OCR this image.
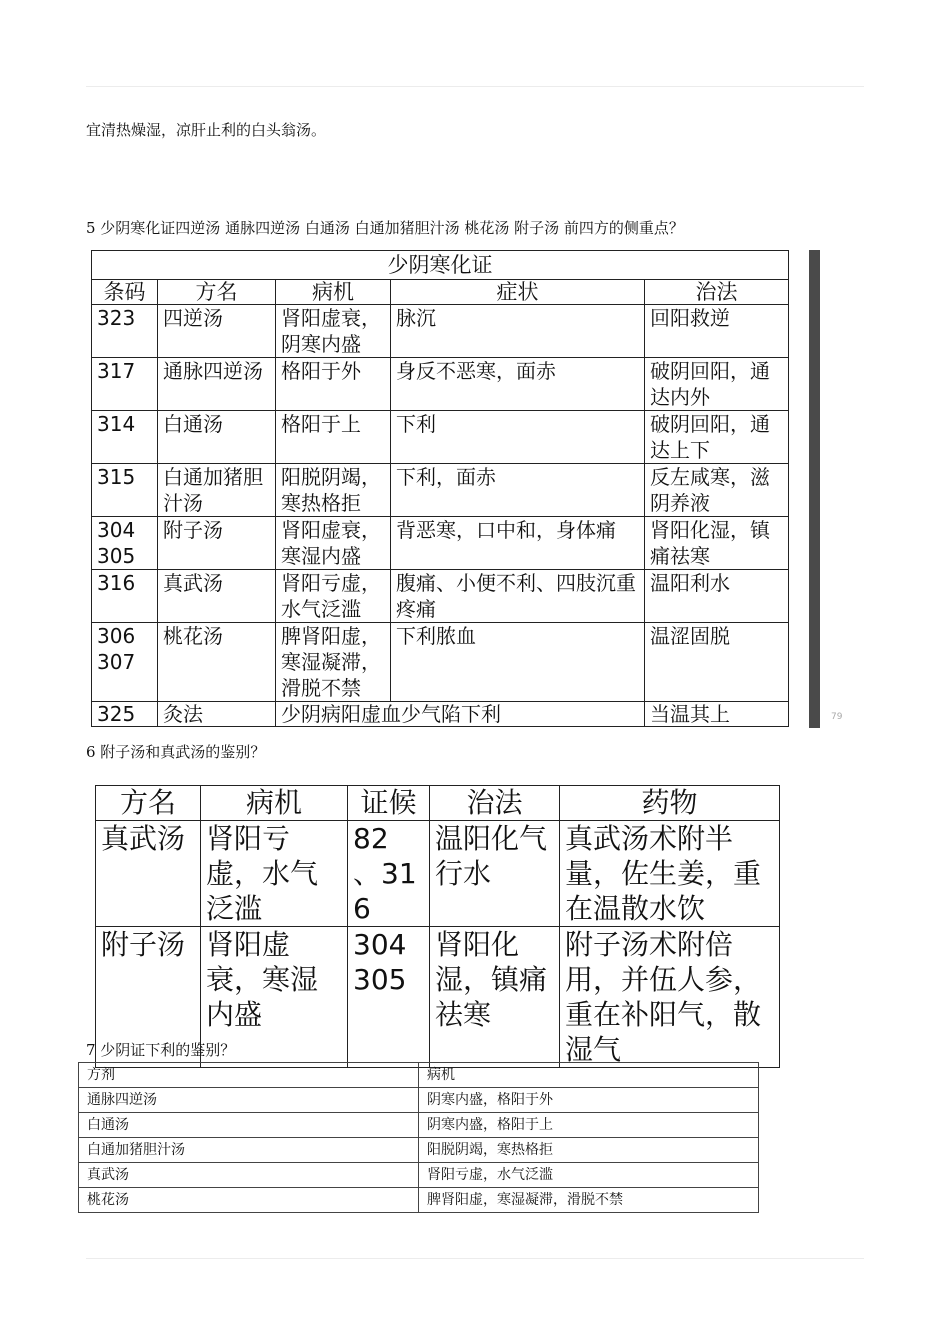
宜清热燥湿，凉肝止利的白头翁汤。
5 少阴寒化证四逆汤 通脉四逆汤 白通汤 白通加猪胆汁汤 桃花汤 附子汤 前四方的侧重点？
少阴寒化证				
条码	方名	病机	症状	治法
323	四逆汤	肾阳虚衰，阴寒内盛	脉沉	回阳救逆
317	通脉四逆汤	格阳于外	身反不恶寒，面赤	破阴回阳，通达内外
314	白通汤	格阳于上	下利	破阴回阳，通达上下
315	白通加猪胆汁汤	阳脱阴竭，寒热格拒	下利，面赤	反左咸寒，滋阴养液
304 305	附子汤	肾阳虚衰，寒湿内盛	背恶寒，口中和，身体痛	肾阳化湿，镇痛祛寒
316	真武汤	肾阳亏虚，水气泛滥	腹痛、小便不利、四肢沉重疼痛	温阳利水
306 307	桃花汤	脾肾阳虚，寒湿凝滞，滑脱不禁	下利脓血	温涩固脱
325	灸法	少阴病阳虚血少气陷下利		当温其上	79
6 附子汤和真武汤的鉴别？
方名	病机	证候	治法	药物
真武汤	肾阳亏虚，水气泛滥	82 、316	温阳化气行水	真武汤术附半量，佐生姜，重在温散水饮
附子汤	肾阳虚衰，寒湿内盛	304 305	肾阳化湿，镇痛祛寒	附子汤术附倍用，并伍人参，重在补阳气，散湿气
7 少阴证下利的鉴别？
方剂	病机
通脉四逆汤	阴寒内盛，格阳于外
白通汤	阴寒内盛，格阳于上
白通加猪胆汁汤	阳脱阴竭，寒热格拒
真武汤	肾阳亏虚，水气泛滥
桃花汤	脾肾阳虚，寒湿凝滞，滑脱不禁
